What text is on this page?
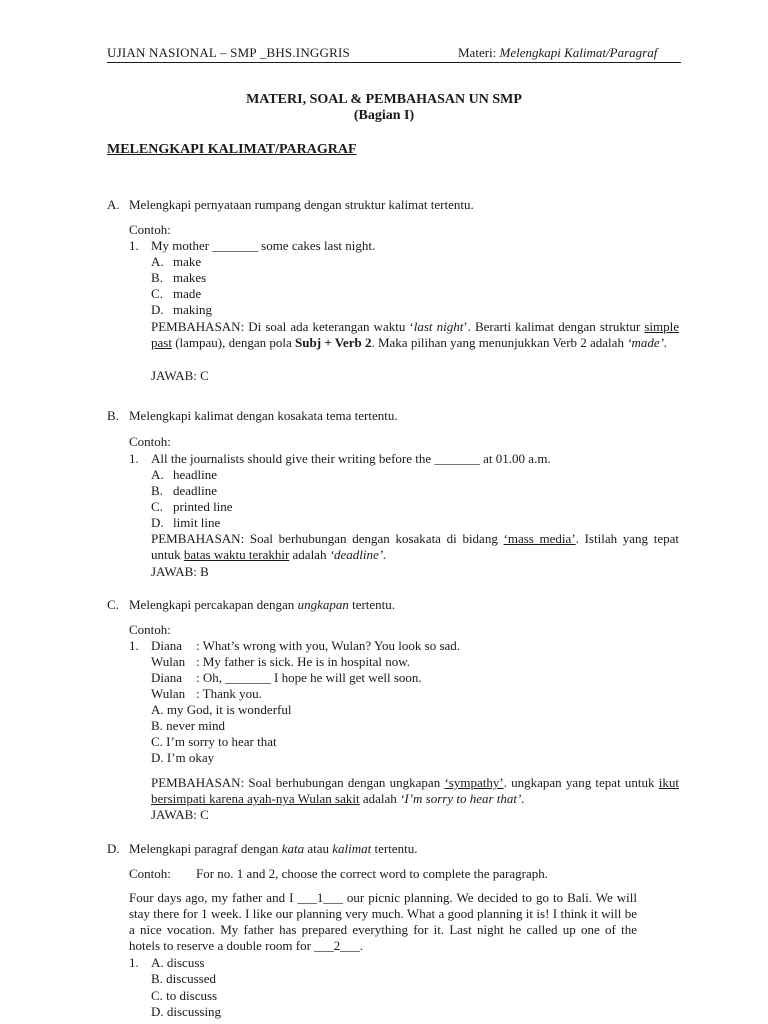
UJIAN NASIONAL – SMP _BHS.INGGRIS	Materi: Melengkapi Kalimat/Paragraf
MATERI, SOAL & PEMBAHASAN UN SMP
(Bagian I)
MELENGKAPI KALIMAT/PARAGRAF
A. Melengkapi pernyataan rumpang dengan struktur kalimat tertentu.
Contoh:
1. My mother _______ some cakes last night.
A. make
B. makes
C. made
D. making
PEMBAHASAN: Di soal ada keterangan waktu ‘last night’. Berarti kalimat dengan struktur simple past (lampau), dengan pola Subj + Verb 2. Maka pilihan yang menunjukkan Verb 2 adalah ‘made’.
JAWAB: C
B. Melengkapi kalimat dengan kosakata tema tertentu.
Contoh:
1. All the journalists should give their writing before the _______ at 01.00 a.m.
A. headline
B. deadline
C. printed line
D. limit line
PEMBAHASAN: Soal berhubungan dengan kosakata di bidang ‘mass media’. Istilah yang tepat untuk batas waktu terakhir adalah ‘deadline’.
JAWAB: B
C. Melengkapi percakapan dengan ungkapan tertentu.
Contoh:
1. Diana : What’s wrong with you, Wulan? You look so sad.
Wulan : My father is sick. He is in hospital now.
Diana : Oh, _______ I hope he will get well soon.
Wulan : Thank you.
A. my God, it is wonderful
B. never mind
C. I’m sorry to hear that
D. I’m okay
PEMBAHASAN: Soal berhubungan dengan ungkapan ‘sympathy’. ungkapan yang tepat untuk ikut bersimpati karena ayah-nya Wulan sakit adalah ‘I’m sorry to hear that’.
JAWAB: C
D. Melengkapi paragraf dengan kata atau kalimat tertentu.
Contoh: For no. 1 and 2, choose the correct word to complete the paragraph.
Four days ago, my father and I ___1___ our picnic planning. We decided to go to Bali. We will stay there for 1 week. I like our planning very much. What a good planning it is! I think it will be a nice vocation. My father has prepared everything for it. Last night he called up one of the hotels to reserve a double room for ___2___.
1. A. discuss
B. discussed
C. to discuss
D. discussing
